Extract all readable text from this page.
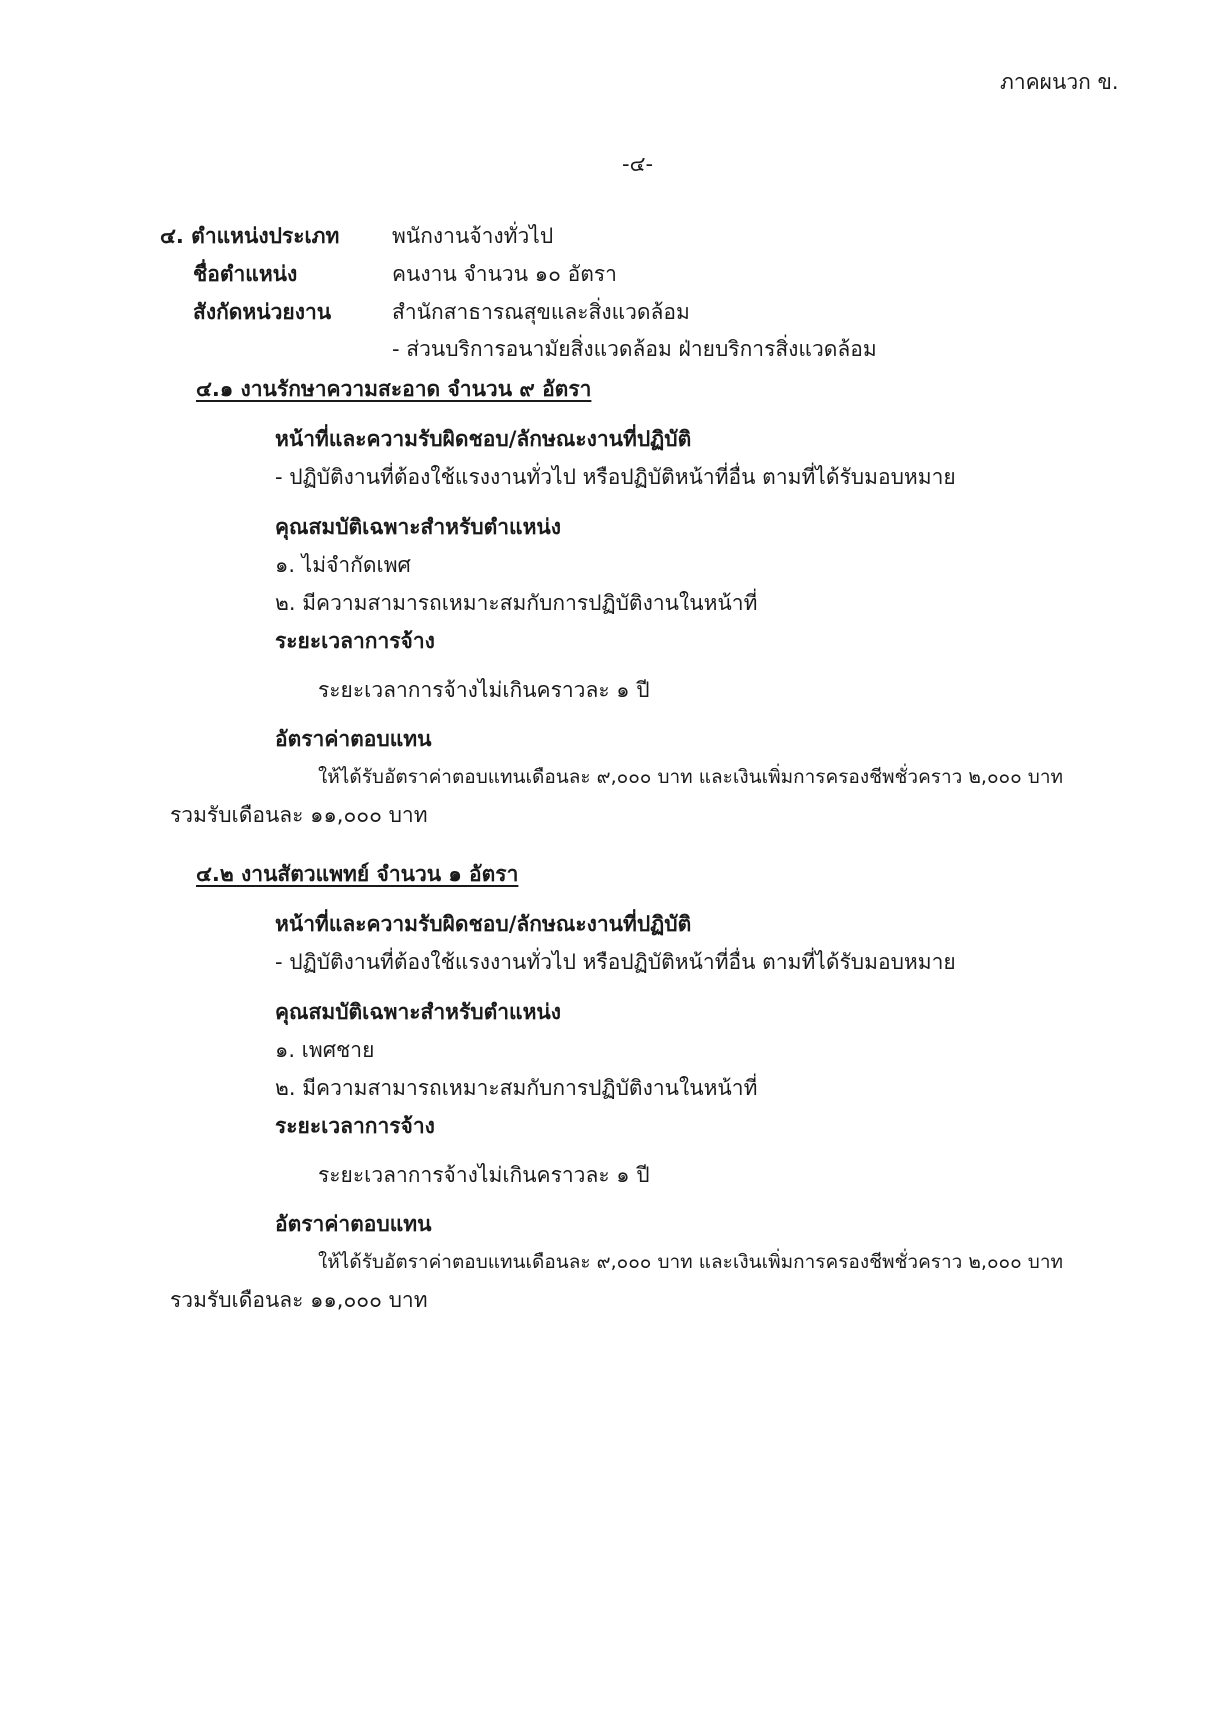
ภาคผนวก ข.
-๔-
๔. ตำแหน่งประเภท	พนักงานจ้างทั่วไป
ชื่อตำแหน่ง	คนงาน จำนวน ๑๐ อัตรา
สังกัดหน่วยงาน	สำนักสาธารณสุขและสิ่งแวดล้อม
- ส่วนบริการอนามัยสิ่งแวดล้อม ฝ่ายบริการสิ่งแวดล้อม
๔.๑ งานรักษาความสะอาด จำนวน ๙ อัตรา
หน้าที่และความรับผิดชอบ/ลักษณะงานที่ปฏิบัติ
- ปฏิบัติงานที่ต้องใช้แรงงานทั่วไป หรือปฏิบัติหน้าที่อื่น ตามที่ได้รับมอบหมาย
คุณสมบัติเฉพาะสำหรับตำแหน่ง
๑. ไม่จำกัดเพศ
๒. มีความสามารถเหมาะสมกับการปฏิบัติงานในหน้าที่
ระยะเวลาการจ้าง
ระยะเวลาการจ้างไม่เกินคราวละ ๑ ปี
อัตราค่าตอบแทน
ให้ได้รับอัตราค่าตอบแทนเดือนละ ๙,๐๐๐ บาท และเงินเพิ่มการครองชีพชั่วคราว ๒,๐๐๐ บาท
รวมรับเดือนละ ๑๑,๐๐๐ บาท
๔.๒ งานสัตวแพทย์ จำนวน ๑ อัตรา
หน้าที่และความรับผิดชอบ/ลักษณะงานที่ปฏิบัติ
- ปฏิบัติงานที่ต้องใช้แรงงานทั่วไป หรือปฏิบัติหน้าที่อื่น ตามที่ได้รับมอบหมาย
คุณสมบัติเฉพาะสำหรับตำแหน่ง
๑. เพศชาย
๒. มีความสามารถเหมาะสมกับการปฏิบัติงานในหน้าที่
ระยะเวลาการจ้าง
ระยะเวลาการจ้างไม่เกินคราวละ ๑ ปี
อัตราค่าตอบแทน
ให้ได้รับอัตราค่าตอบแทนเดือนละ ๙,๐๐๐ บาท และเงินเพิ่มการครองชีพชั่วคราว ๒,๐๐๐ บาท
รวมรับเดือนละ ๑๑,๐๐๐ บาท
